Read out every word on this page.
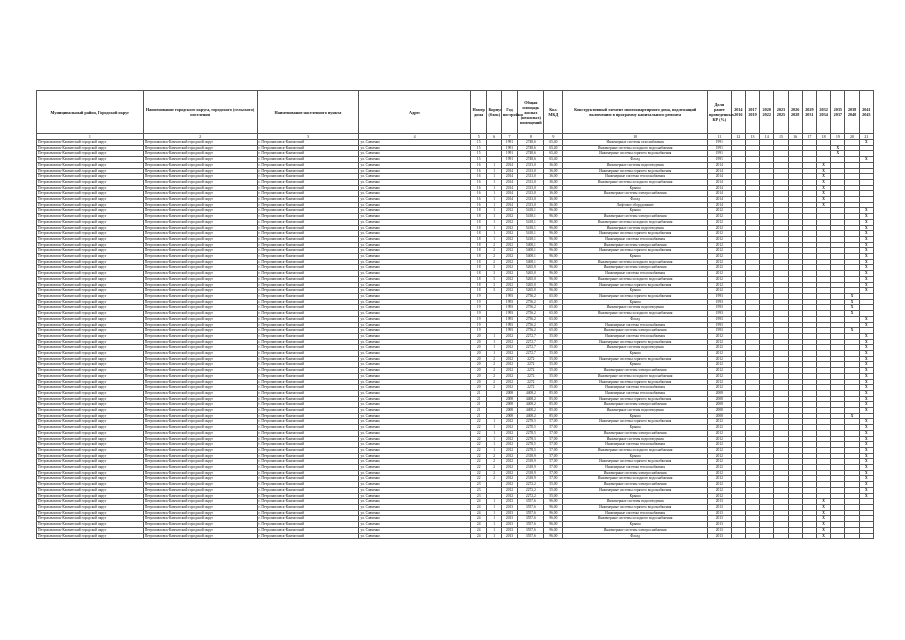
Муниципальный район, Городской округ	Наименование городского округа, городского (сельского) поселения	Наименование населенного пункта	Адрес	Номер дома	Корпус (блок)	Год постройки	Общая площадь жилых (нежилых) помещений	Кол. МКД	Конструктивный элемент многоквартирного дома, подлежащий включению в программу капитального ремонта	Доля ранее проведенных КР (%)	2014 2016	2017 2019	2020 2022	2023 2025	2026 2028	2029 2031	2032 2034	2035 2037	2038 2040	2041 2043
1	2	3	4	5	6	7	8	9	10	11	12	13	14	15	16	17	18	19	20	21
Петропавловск-Камчатский городской округ	Петропавловск-Камчатский городской округ	г. Петропавловск-Камчатский	ул. Савченко	15		1991	2748,6	65,40	Инженерные системы газоснабжения	1991										X
Петропавловск-Камчатский городской округ	Петропавловск-Камчатский городской округ	г. Петропавловск-Камчатский	ул. Савченко	15		1991	2748,6	65,40	Инженерные системы холодного водоснабжения	1991								X		
Петропавловск-Камчатский городской округ	Петропавловск-Камчатский городской округ	г. Петропавловск-Камчатский	ул. Савченко	15		1991	2748,6	65,40	Инженерные системы горячего водоснабжения	1991								X		
Петропавловск-Камчатский городской округ	Петропавловск-Камчатский городской округ	г. Петропавловск-Камчатский	ул. Савченко	15		1991	2748,6	65,40	Фасад	1991										X
Петропавловск-Камчатский городской округ	Петропавловск-Камчатский городской округ	г. Петропавловск-Камчатский	ул. Савченко	16	1	2014	2313,0	36,00	Инженерные системы водоотведения	2014							X			
Петропавловск-Камчатский городской округ	Петропавловск-Камчатский городской округ	г. Петропавловск-Камчатский	ул. Савченко	16	1	2014	2313,0	36,00	Инженерные системы горячего водоснабжения	2014							X			
Петропавловск-Камчатский городской округ	Петропавловск-Камчатский городской округ	г. Петропавловск-Камчатский	ул. Савченко	16	1	2014	2313,0	36,00	Инженерные системы теплоснабжения	2014							X			
Петропавловск-Камчатский городской округ	Петропавловск-Камчатский городской округ	г. Петропавловск-Камчатский	ул. Савченко	16	1	2014	2313,0	36,00	Инженерные системы холодного водоснабжения	2014							X			
Петропавловск-Камчатский городской округ	Петропавловск-Камчатский городской округ	г. Петропавловск-Камчатский	ул. Савченко	16	1	2014	2313,0	36,00	Крыша	2014							X			
Петропавловск-Камчатский городской округ	Петропавловск-Камчатский городской округ	г. Петропавловск-Камчатский	ул. Савченко	16	1	2014	2313,0	36,00	Инженерные системы электроснабжения	2014							X			
Петропавловск-Камчатский городской округ	Петропавловск-Камчатский городской округ	г. Петропавловск-Камчатский	ул. Савченко	16	1	2014	2313,0	36,00	Фасад	2014							X			
Петропавловск-Камчатский городской округ	Петропавловск-Камчатский городской округ	г. Петропавловск-Камчатский	ул. Савченко	16	1	2014	2313,0	36,00	Лифтовое оборудование	2014							X			
Петропавловск-Камчатский городской округ	Петропавловск-Камчатский городской округ	г. Петропавловск-Камчатский	ул. Савченко	18	1	2012	5418,1	96,00	Крыша	2012										X
Петропавловск-Камчатский городской округ	Петропавловск-Камчатский городской округ	г. Петропавловск-Камчатский	ул. Савченко	18	1	2012	5418,1	96,00	Инженерные системы электроснабжения	2012										X
Петропавловск-Камчатский городской округ	Петропавловск-Камчатский городской округ	г. Петропавловск-Камчатский	ул. Савченко	18	1	2012	5418,1	96,00	Инженерные системы холодного водоснабжения	2012										X
Петропавловск-Камчатский городской округ	Петропавловск-Камчатский городской округ	г. Петропавловск-Камчатский	ул. Савченко	18	1	2012	5418,1	96,00	Инженерные системы водоотведения	2012										X
Петропавловск-Камчатский городской округ	Петропавловск-Камчатский городской округ	г. Петропавловск-Камчатский	ул. Савченко	18	1	2012	5418,1	96,00	Инженерные системы горячего водоснабжения	2012										X
Петропавловск-Камчатский городской округ	Петропавловск-Камчатский городской округ	г. Петропавловск-Камчатский	ул. Савченко	18	1	2012	5418,1	96,00	Инженерные системы теплоснабжения	2012										X
Петропавловск-Камчатский городской округ	Петропавловск-Камчатский городской округ	г. Петропавловск-Камчатский	ул. Савченко	18	2	2012	5408,1	96,00	Инженерные системы электроснабжения	2012										X
Петропавловск-Камчатский городской округ	Петропавловск-Камчатский городской округ	г. Петропавловск-Камчатский	ул. Савченко	18	2	2012	5408,1	96,00	Инженерные системы горячего водоснабжения	2012										X
Петропавловск-Камчатский городской округ	Петропавловск-Камчатский городской округ	г. Петропавловск-Камчатский	ул. Савченко	18	2	2012	5408,1	96,00	Крыша	2012										X
Петропавловск-Камчатский городской округ	Петропавловск-Камчатский городской округ	г. Петропавловск-Камчатский	ул. Савченко	18	2	2012	5408,1	96,00	Инженерные системы холодного водоснабжения	2012										X
Петропавловск-Камчатский городской округ	Петропавловск-Камчатский городской округ	г. Петропавловск-Камчатский	ул. Савченко	18	3	2012	5265,0	96,00	Инженерные системы электроснабжения	2012										X
Петропавловск-Камчатский городской округ	Петропавловск-Камчатский городской округ	г. Петропавловск-Камчатский	ул. Савченко	18	3	2012	5265,0	96,00	Инженерные системы теплоснабжения	2012										X
Петропавловск-Камчатский городской округ	Петропавловск-Камчатский городской округ	г. Петропавловск-Камчатский	ул. Савченко	18	3	2012	5265,0	96,00	Инженерные системы холодного водоснабжения	2012										X
Петропавловск-Камчатский городской округ	Петропавловск-Камчатский городской округ	г. Петропавловск-Камчатский	ул. Савченко	18	3	2012	5265,0	96,00	Инженерные системы горячего водоснабжения	2012										X
Петропавловск-Камчатский городской округ	Петропавловск-Камчатский городской округ	г. Петропавловск-Камчатский	ул. Савченко	18	3	2012	5265,0	96,00	Крыша	2012										X
Петропавловск-Камчатский городской округ	Петропавловск-Камчатский городской округ	г. Петропавловск-Камчатский	ул. Савченко	19		1993	2756,2	65,00	Инженерные системы горячего водоснабжения	1993									X	
Петропавловск-Камчатский городской округ	Петропавловск-Камчатский городской округ	г. Петропавловск-Камчатский	ул. Савченко	19		1993	2756,2	65,00	Крыша	1993									X	
Петропавловск-Камчатский городской округ	Петропавловск-Камчатский городской округ	г. Петропавловск-Камчатский	ул. Савченко	19		1993	2756,2	65,00	Инженерные системы водоотведения	1993									X	
Петропавловск-Камчатский городской округ	Петропавловск-Камчатский городской округ	г. Петропавловск-Камчатский	ул. Савченко	19		1993	2756,2	65,00	Инженерные системы холодного водоснабжения	1993									X	
Петропавловск-Камчатский городской округ	Петропавловск-Камчатский городской округ	г. Петропавловск-Камчатский	ул. Савченко	19		1993	2756,2	65,00	Фасад	1993										X
Петропавловск-Камчатский городской округ	Петропавловск-Камчатский городской округ	г. Петропавловск-Камчатский	ул. Савченко	19		1993	2756,2	65,00	Инженерные системы теплоснабжения	1993										X
Петропавловск-Камчатский городской округ	Петропавловск-Камчатский городской округ	г. Петропавловск-Камчатский	ул. Савченко	19		1993	2756,2	65,00	Инженерные системы электроснабжения	1993									X	
Петропавловск-Камчатский городской округ	Петропавловск-Камчатский городской округ	г. Петропавловск-Камчатский	ул. Савченко	20	1	2012	2272,7	55,00	Инженерные системы теплоснабжения	2012										X
Петропавловск-Камчатский городской округ	Петропавловск-Камчатский городской округ	г. Петропавловск-Камчатский	ул. Савченко	20	1	2012	2272,7	55,00	Инженерные системы горячего водоснабжения	2012										X
Петропавловск-Камчатский городской округ	Петропавловск-Камчатский городской округ	г. Петропавловск-Камчатский	ул. Савченко	20	1	2012	2272,7	55,00	Инженерные системы водоотведения	2012										X
Петропавловск-Камчатский городской округ	Петропавловск-Камчатский городской округ	г. Петропавловск-Камчатский	ул. Савченко	20	1	2012	2272,7	55,00	Крыша	2012										X
Петропавловск-Камчатский городской округ	Петропавловск-Камчатский городской округ	г. Петропавловск-Камчатский	ул. Савченко	20	2	2012	2272	55,00	Инженерные системы горячего водоснабжения	2012										X
Петропавловск-Камчатский городской округ	Петропавловск-Камчатский городской округ	г. Петропавловск-Камчатский	ул. Савченко	20	2	2012	2272	55,00	Крыша	2012										X
Петропавловск-Камчатский городской округ	Петропавловск-Камчатский городской округ	г. Петропавловск-Камчатский	ул. Савченко	20	2	2012	2272	55,00	Инженерные системы электроснабжения	2012										X
Петропавловск-Камчатский городской округ	Петропавловск-Камчатский городской округ	г. Петропавловск-Камчатский	ул. Савченко	20	2	2012	2272	55,00	Инженерные системы холодного водоснабжения	2012										X
Петропавловск-Камчатский городской округ	Петропавловск-Камчатский городской округ	г. Петропавловск-Камчатский	ул. Савченко	20	2	2012	2272	55,00	Инженерные системы горячего водоснабжения	2012										X
Петропавловск-Камчатский городской округ	Петропавловск-Камчатский городской округ	г. Петропавловск-Камчатский	ул. Савченко	20	2	2012	2272	55,00	Инженерные системы теплоснабжения	2012										X
Петропавловск-Камчатский городской округ	Петропавловск-Камчатский городской округ	г. Петропавловск-Камчатский	ул. Савченко	21		2008	4408,2	85,00	Инженерные системы теплоснабжения	2008										X
Петропавловск-Камчатский городской округ	Петропавловск-Камчатский городской округ	г. Петропавловск-Камчатский	ул. Савченко	21		2008	4408,2	85,00	Инженерные системы горячего водоснабжения	2008										X
Петропавловск-Камчатский городской округ	Петропавловск-Камчатский городской округ	г. Петропавловск-Камчатский	ул. Савченко	21		2008	4408,2	85,00	Инженерные системы электроснабжения	2008										X
Петропавловск-Камчатский городской округ	Петропавловск-Камчатский городской округ	г. Петропавловск-Камчатский	ул. Савченко	21		2008	4408,2	85,00	Инженерные системы водоотведения	2008										X
Петропавловск-Камчатский городской округ	Петропавловск-Камчатский городской округ	г. Петропавловск-Камчатский	ул. Савченко	21		2008	4408,2	85,00	Крыша	2008									X	
Петропавловск-Камчатский городской округ	Петропавловск-Камчатский городской округ	г. Петропавловск-Камчатский	ул. Савченко	22	1	2012	2278,5	57,00	Инженерные системы горячего водоснабжения	2012										X
Петропавловск-Камчатский городской округ	Петропавловск-Камчатский городской округ	г. Петропавловск-Камчатский	ул. Савченко	22	1	2012	2278,5	57,00	Крыша	2012										X
Петропавловск-Камчатский городской округ	Петропавловск-Камчатский городской округ	г. Петропавловск-Камчатский	ул. Савченко	22	1	2012	2278,5	57,00	Инженерные системы электроснабжения	2012										X
Петропавловск-Камчатский городской округ	Петропавловск-Камчатский городской округ	г. Петропавловск-Камчатский	ул. Савченко	22	1	2012	2278,5	57,00	Инженерные системы водоотведения	2012										X
Петропавловск-Камчатский городской округ	Петропавловск-Камчатский городской округ	г. Петропавловск-Камчатский	ул. Савченко	22	1	2012	2278,5	57,00	Инженерные системы теплоснабжения	2012										X
Петропавловск-Камчатский городской округ	Петропавловск-Камчатский городской округ	г. Петропавловск-Камчатский	ул. Савченко	22	1	2012	2278,5	57,00	Инженерные системы холодного водоснабжения	2012										X
Петропавловск-Камчатский городской округ	Петропавловск-Камчатский городской округ	г. Петропавловск-Камчатский	ул. Савченко	22	2	2012	2318,9	57,00	Крыша	2012										X
Петропавловск-Камчатский городской округ	Петропавловск-Камчатский городской округ	г. Петропавловск-Камчатский	ул. Савченко	22	2	2012	2318,9	57,00	Инженерные системы горячего водоснабжения	2012										X
Петропавловск-Камчатский городской округ	Петропавловск-Камчатский городской округ	г. Петропавловск-Камчатский	ул. Савченко	22	2	2012	2318,9	57,00	Инженерные системы теплоснабжения	2012										X
Петропавловск-Камчатский городской округ	Петропавловск-Камчатский городской округ	г. Петропавловск-Камчатский	ул. Савченко	22	2	2012	2318,9	57,00	Инженерные системы электроснабжения	2012										X
Петропавловск-Камчатский городской округ	Петропавловск-Камчатский городской округ	г. Петропавловск-Камчатский	ул. Савченко	22	2	2012	2318,9	57,00	Инженерные системы холодного водоснабжения	2012										X
Петропавловск-Камчатский городской округ	Петропавловск-Камчатский городской округ	г. Петропавловск-Камчатский	ул. Савченко	23		2012	2272,2	55,00	Инженерные системы электроснабжения	2012										X
Петропавловск-Камчатский городской округ	Петропавловск-Камчатский городской округ	г. Петропавловск-Камчатский	ул. Савченко	23		2012	2272,2	55,00	Инженерные системы горячего водоснабжения	2012										X
Петропавловск-Камчатский городской округ	Петропавловск-Камчатский городской округ	г. Петропавловск-Камчатский	ул. Савченко	23		2012	2272,2	55,00	Крыша	2012										X
Петропавловск-Камчатский городской округ	Петропавловск-Камчатский городской округ	г. Петропавловск-Камчатский	ул. Савченко	24	1	2013	3557,6	96,00	Инженерные системы водоотведения	2013							X			
Петропавловск-Камчатский городской округ	Петропавловск-Камчатский городской округ	г. Петропавловск-Камчатский	ул. Савченко	24	1	2013	3557,6	96,00	Инженерные системы горячего водоснабжения	2013							X			
Петропавловск-Камчатский городской округ	Петропавловск-Камчатский городской округ	г. Петропавловск-Камчатский	ул. Савченко	24	1	2013	3557,6	96,00	Инженерные системы теплоснабжения	2013							X			
Петропавловск-Камчатский городской округ	Петропавловск-Камчатский городской округ	г. Петропавловск-Камчатский	ул. Савченко	24	1	2013	3557,6	96,00	Инженерные системы холодного водоснабжения	2013							X			
Петропавловск-Камчатский городской округ	Петропавловск-Камчатский городской округ	г. Петропавловск-Камчатский	ул. Савченко	24	1	2013	3557,6	96,00	Крыша	2013							X			
Петропавловск-Камчатский городской округ	Петропавловск-Камчатский городской округ	г. Петропавловск-Камчатский	ул. Савченко	24	1	2013	3557,6	96,00	Инженерные системы электроснабжения	2013							X			
Петропавловск-Камчатский городской округ	Петропавловск-Камчатский городской округ	г. Петропавловск-Камчатский	ул. Савченко	24	1	2013	3557,6	96,00	Фасад	2013							X			
